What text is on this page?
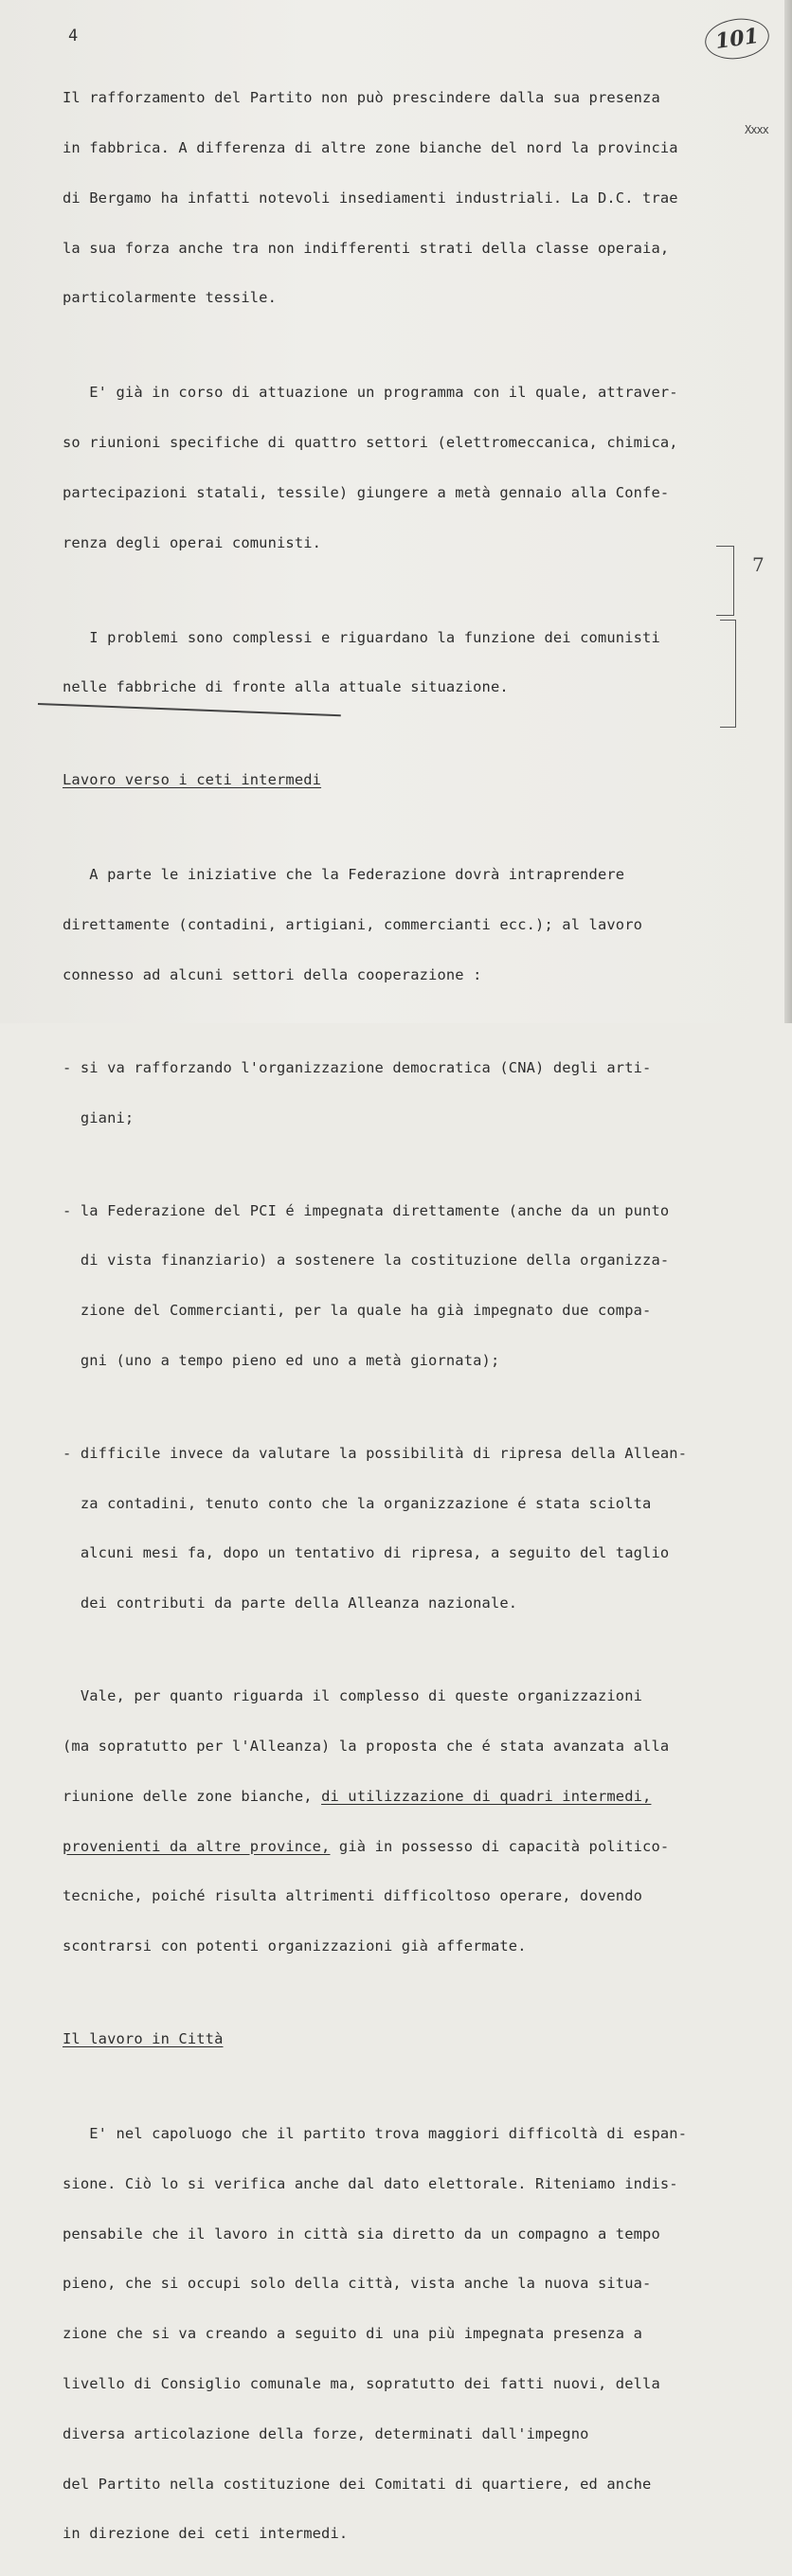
4	101
Xxxx

Il rafforzamento del Partito non può prescindere dalla sua presenza

in fabbrica. A differenza di altre zone bianche del nord la provincia

di Bergamo ha infatti notevoli insediamenti industriali. La D.C. trae

la sua forza anche tra non indifferenti strati della classe operaia,

particolarmente tessile.

E' già in corso di attuazione un programma con il quale, attraver-

so riunioni specifiche di quattro settori (elettromeccanica, chimica,

partecipazioni statali, tessile) giungere a metà gennaio alla Confe-

renza degli operai comunisti.

I problemi sono complessi e riguardano la funzione dei comunisti

nelle fabbriche di fronte alla attuale situazione.

Lavoro verso i ceti intermedi

A parte le iniziative che la Federazione dovrà intraprendere

direttamente (contadini, artigiani, commercianti ecc.); al lavoro

connesso ad alcuni settori della cooperazione :

- si va rafforzando l'organizzazione democratica (CNA) degli arti-

giani;

- la Federazione del PCI é impegnata direttamente (anche da un punto

di vista finanziario) a sostenere la costituzione della organizza-

zione del Commercianti, per la quale ha già impegnato due compa-

gni (uno a tempo pieno ed uno a metà giornata);

- difficile invece da valutare la possibilità di ripresa della Allean-

za contadini, tenuto conto che la organizzazione é stata sciolta

alcuni mesi fa, dopo un tentativo di ripresa, a seguito del taglio

dei contributi da parte della Alleanza nazionale.

Vale, per quanto riguarda il complesso di queste organizzazioni

(ma sopratutto per l'Alleanza) la proposta che é stata avanzata alla

riunione delle zone bianche, di utilizzazione di quadri intermedi,

provenienti da altre province, già in possesso di capacità politico-

tecniche, poiché risulta altrimenti difficoltoso operare, dovendo

scontrarsi con potenti organizzazioni già affermate.

Il lavoro in Città

E' nel capoluogo che il partito trova maggiori difficoltà di espan-

sione. Ciò lo si verifica anche dal dato elettorale. Riteniamo indis-

pensabile che il lavoro in città sia diretto da un compagno a tempo

pieno, che si occupi solo della città, vista anche la nuova situa-

zione che si va creando a seguito di una più impegnata presenza a

livello di Consiglio comunale ma, sopratutto dei fatti nuovi, della

diversa articolazione della forze, determinati dall'impegno

del Partito nella costituzione dei Comitati di quartiere, ed anche

in direzione dei ceti intermedi.

7
